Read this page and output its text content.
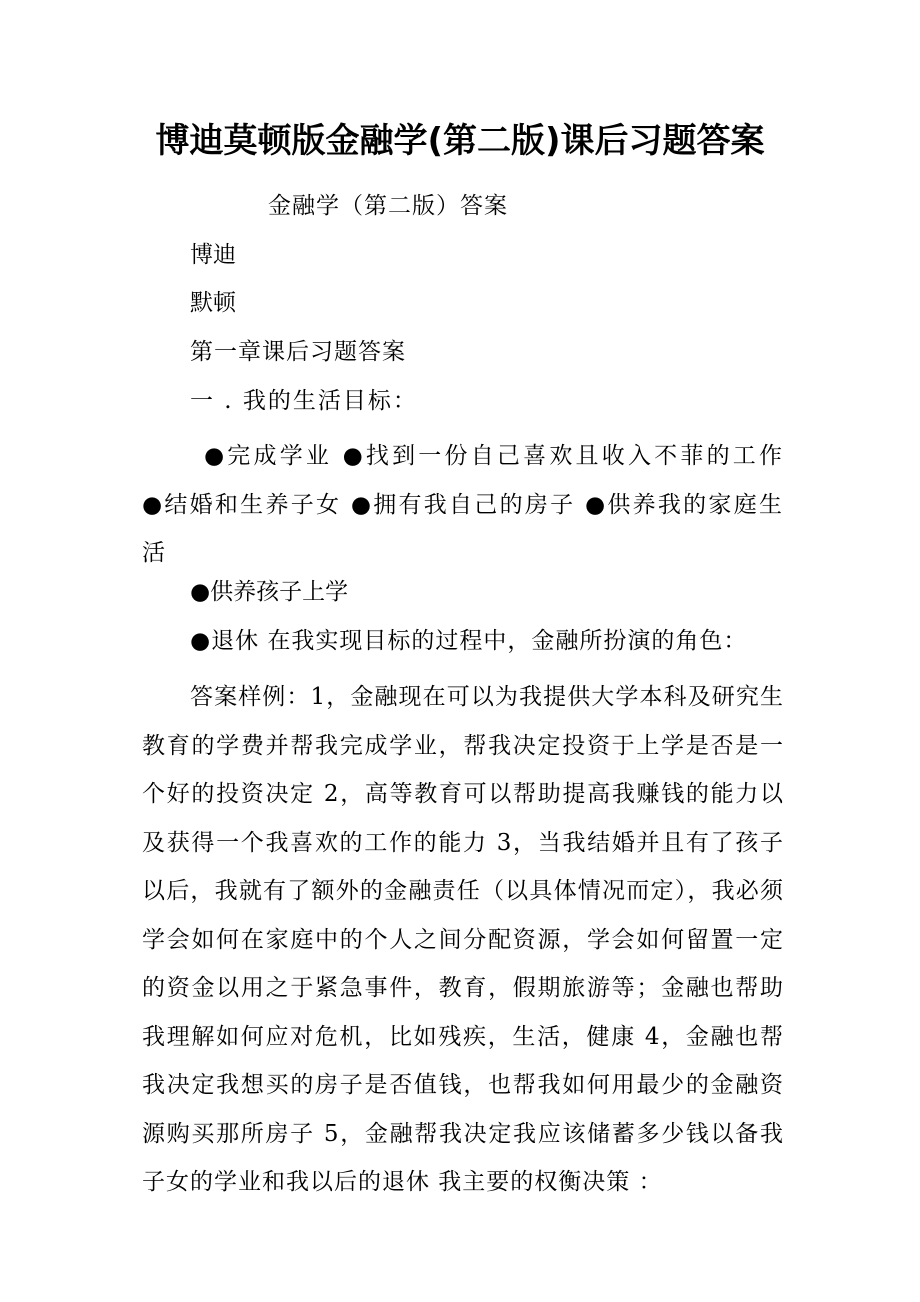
博迪莫顿版金融学(第二版)课后习题答案

金融学（第二版）答案

博迪

默顿

第一章课后习题答案

一 . 我的生活目标：

●完成学业 ●找到一份自己喜欢且收入不菲的工作 ●结婚和生养子女 ●拥有我自己的房子 ●供养我的家庭生活

●供养孩子上学

●退休 在我实现目标的过程中，金融所扮演的角色：

答案样例：1，金融现在可以为我提供大学本科及研究生教育的学费并帮我完成学业，帮我决定投资于上学是否是一个好的投资决定 2，高等教育可以帮助提高我赚钱的能力以及获得一个我喜欢的工作的能力 3，当我结婚并且有了孩子以后，我就有了额外的金融责任（以具体情况而定），我必须学会如何在家庭中的个人之间分配资源，学会如何留置一定的资金以用之于紧急事件，教育，假期旅游等；金融也帮助我理解如何应对危机，比如残疾，生活，健康 4，金融也帮我决定我想买的房子是否值钱，也帮我如何用最少的金融资源购买那所房子 5，金融帮我决定我应该储蓄多少钱以备我子女的学业和我以后的退休 我主要的权衡决策 ：
